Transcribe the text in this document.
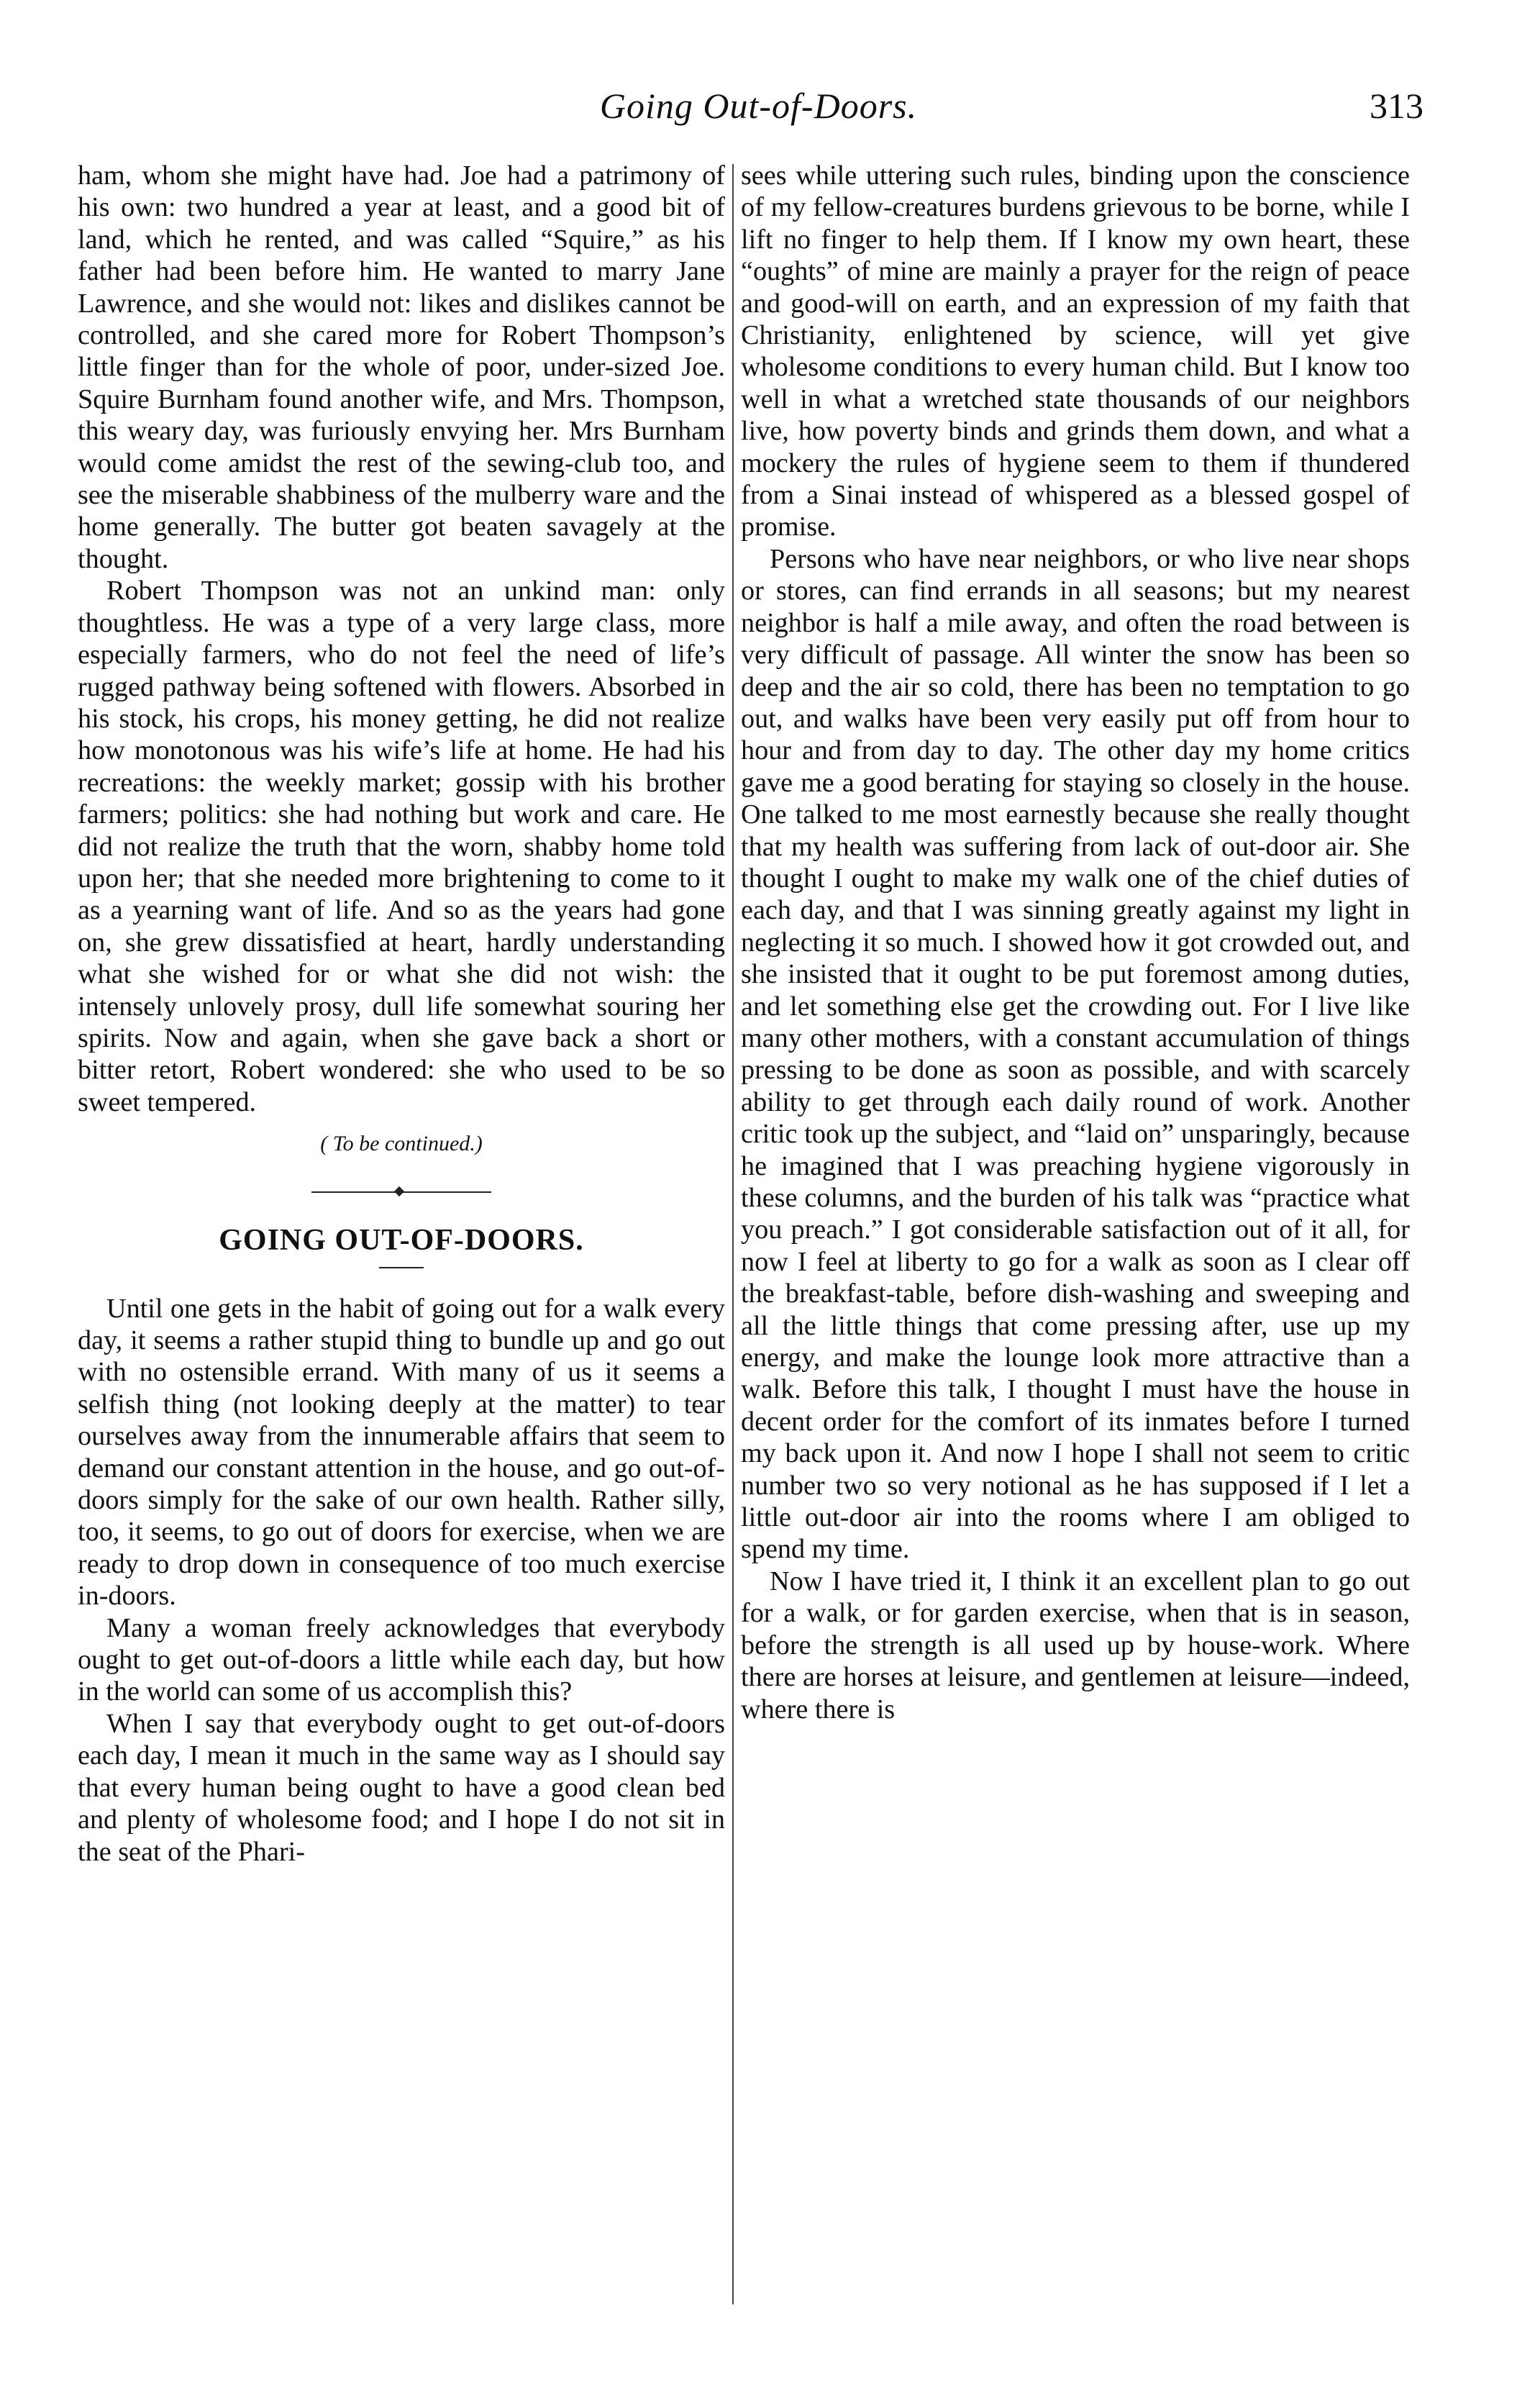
Going Out-of-Doors.	313

ham, whom she might have had. Joe had a patrimony of his own: two hundred a year at least, and a good bit of land, which he rented, and was called “Squire,” as his father had been before him. He wanted to marry Jane Lawrence, and she would not: likes and dislikes cannot be controlled, and she cared more for Robert Thompson’s little finger than for the whole of poor, under-sized Joe. Squire Burnham found another wife, and Mrs. Thompson, this weary day, was furiously envying her. Mrs Burnham would come amidst the rest of the sewing-club too, and see the miserable shabbiness of the mulberry ware and the home generally. The butter got beaten savagely at the thought.

Robert Thompson was not an unkind man: only thoughtless. He was a type of a very large class, more especially farmers, who do not feel the need of life’s rugged pathway being softened with flowers. Absorbed in his stock, his crops, his money getting, he did not realize how monotonous was his wife’s life at home. He had his recreations: the weekly market; gossip with his brother farmers; politics: she had nothing but work and care. He did not realize the truth that the worn, shabby home told upon her; that she needed more brightening to come to it as a yearning want of life. And so as the years had gone on, she grew dissatisfied at heart, hardly understanding what she wished for or what she did not wish: the intensely unlovely prosy, dull life somewhat souring her spirits. Now and again, when she gave back a short or bitter retort, Robert wondered: she who used to be so sweet tempered.

( To be continued.)

GOING OUT-OF-DOORS.

Until one gets in the habit of going out for a walk every day, it seems a rather stupid thing to bundle up and go out with no ostensible errand. With many of us it seems a selfish thing (not looking deeply at the matter) to tear ourselves away from the innumerable affairs that seem to demand our constant attention in the house, and go out-of-doors simply for the sake of our own health. Rather silly, too, it seems, to go out of doors for exercise, when we are ready to drop down in consequence of too much exercise in-doors.

Many a woman freely acknowledges that everybody ought to get out-of-doors a little while each day, but how in the world can some of us accomplish this?

When I say that everybody ought to get out-of-doors each day, I mean it much in the same way as I should say that every human being ought to have a good clean bed and plenty of wholesome food; and I hope I do not sit in the seat of the Phari-

sees while uttering such rules, binding upon the conscience of my fellow-creatures burdens grievous to be borne, while I lift no finger to help them. If I know my own heart, these “oughts” of mine are mainly a prayer for the reign of peace and good-will on earth, and an expression of my faith that Christianity, enlightened by science, will yet give wholesome conditions to every human child. But I know too well in what a wretched state thousands of our neighbors live, how poverty binds and grinds them down, and what a mockery the rules of hygiene seem to them if thundered from a Sinai instead of whispered as a blessed gospel of promise.

Persons who have near neighbors, or who live near shops or stores, can find errands in all seasons; but my nearest neighbor is half a mile away, and often the road between is very difficult of passage. All winter the snow has been so deep and the air so cold, there has been no temptation to go out, and walks have been very easily put off from hour to hour and from day to day. The other day my home critics gave me a good berating for staying so closely in the house. One talked to me most earnestly because she really thought that my health was suffering from lack of out-door air. She thought I ought to make my walk one of the chief duties of each day, and that I was sinning greatly against my light in neglecting it so much. I showed how it got crowded out, and she insisted that it ought to be put foremost among duties, and let something else get the crowding out. For I live like many other mothers, with a constant accumulation of things pressing to be done as soon as possible, and with scarcely ability to get through each daily round of work. Another critic took up the subject, and “laid on” unsparingly, because he imagined that I was preaching hygiene vigorously in these columns, and the burden of his talk was “practice what you preach.” I got considerable satisfaction out of it all, for now I feel at liberty to go for a walk as soon as I clear off the breakfast-table, before dish-washing and sweeping and all the little things that come pressing after, use up my energy, and make the lounge look more attractive than a walk. Before this talk, I thought I must have the house in decent order for the comfort of its inmates before I turned my back upon it. And now I hope I shall not seem to critic number two so very notional as he has supposed if I let a little out-door air into the rooms where I am obliged to spend my time.

Now I have tried it, I think it an excellent plan to go out for a walk, or for garden exercise, when that is in season, before the strength is all used up by house-work. Where there are horses at leisure, and gentlemen at leisure—indeed, where there is
